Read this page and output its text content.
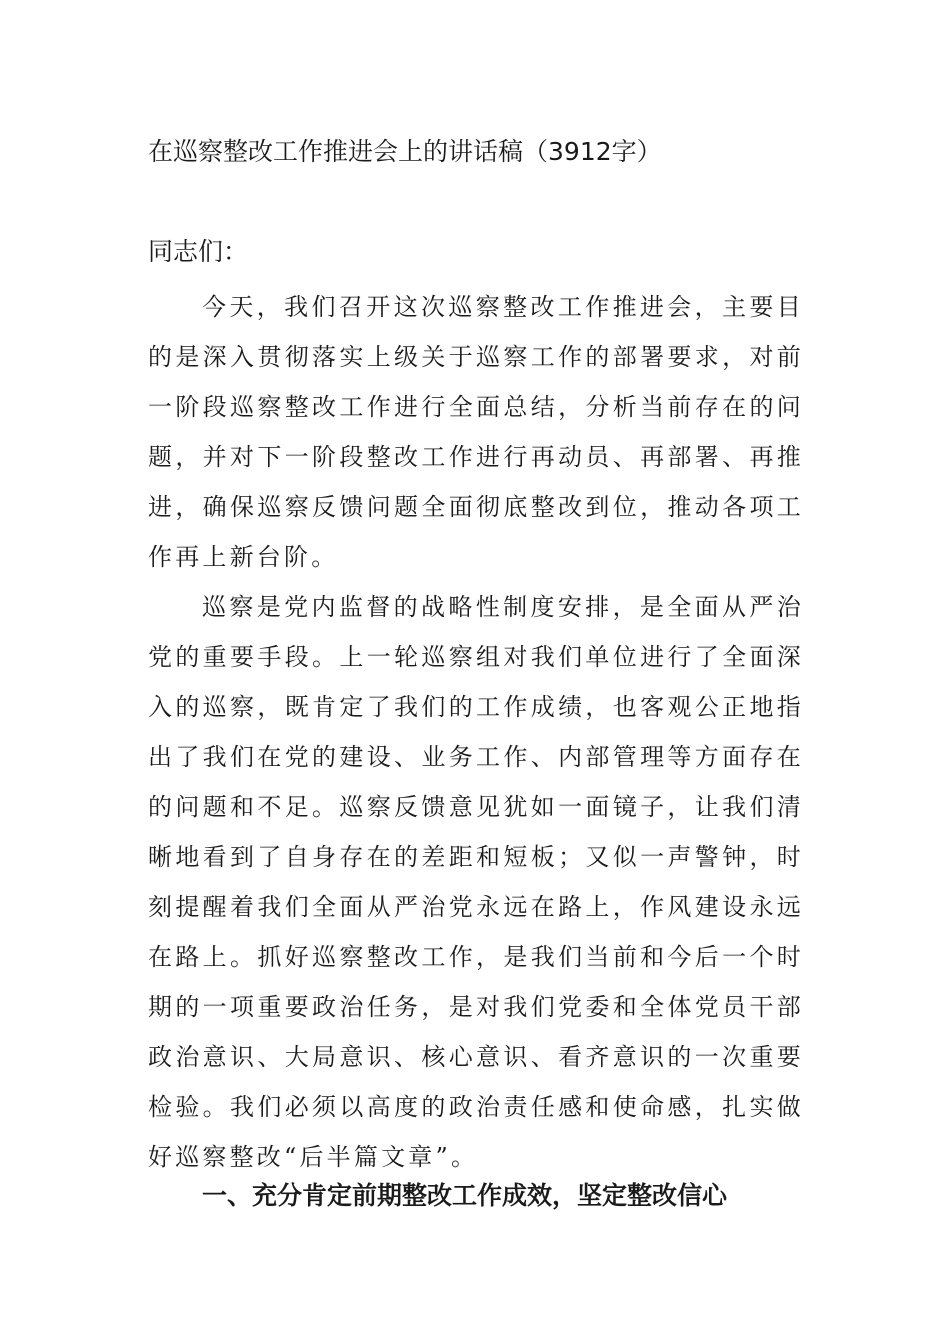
在巡察整改工作推进会上的讲话稿（3912字）

同志们：

今天，我们召开这次巡察整改工作推进会，主要目的是深入贯彻落实上级关于巡察工作的部署要求，对前一阶段巡察整改工作进行全面总结，分析当前存在的问题，并对下一阶段整改工作进行再动员、再部署、再推进，确保巡察反馈问题全面彻底整改到位，推动各项工作再上新台阶。

巡察是党内监督的战略性制度安排，是全面从严治党的重要手段。上一轮巡察组对我们单位进行了全面深入的巡察，既肯定了我们的工作成绩，也客观公正地指出了我们在党的建设、业务工作、内部管理等方面存在的问题和不足。巡察反馈意见犹如一面镜子，让我们清晰地看到了自身存在的差距和短板；又似一声警钟，时刻提醒着我们全面从严治党永远在路上，作风建设永远在路上。抓好巡察整改工作，是我们当前和今后一个时期的一项重要政治任务，是对我们党委和全体党员干部政治意识、大局意识、核心意识、看齐意识的一次重要检验。我们必须以高度的政治责任感和使命感，扎实做好巡察整改“后半篇文章”。

一、充分肯定前期整改工作成效，坚定整改信心
